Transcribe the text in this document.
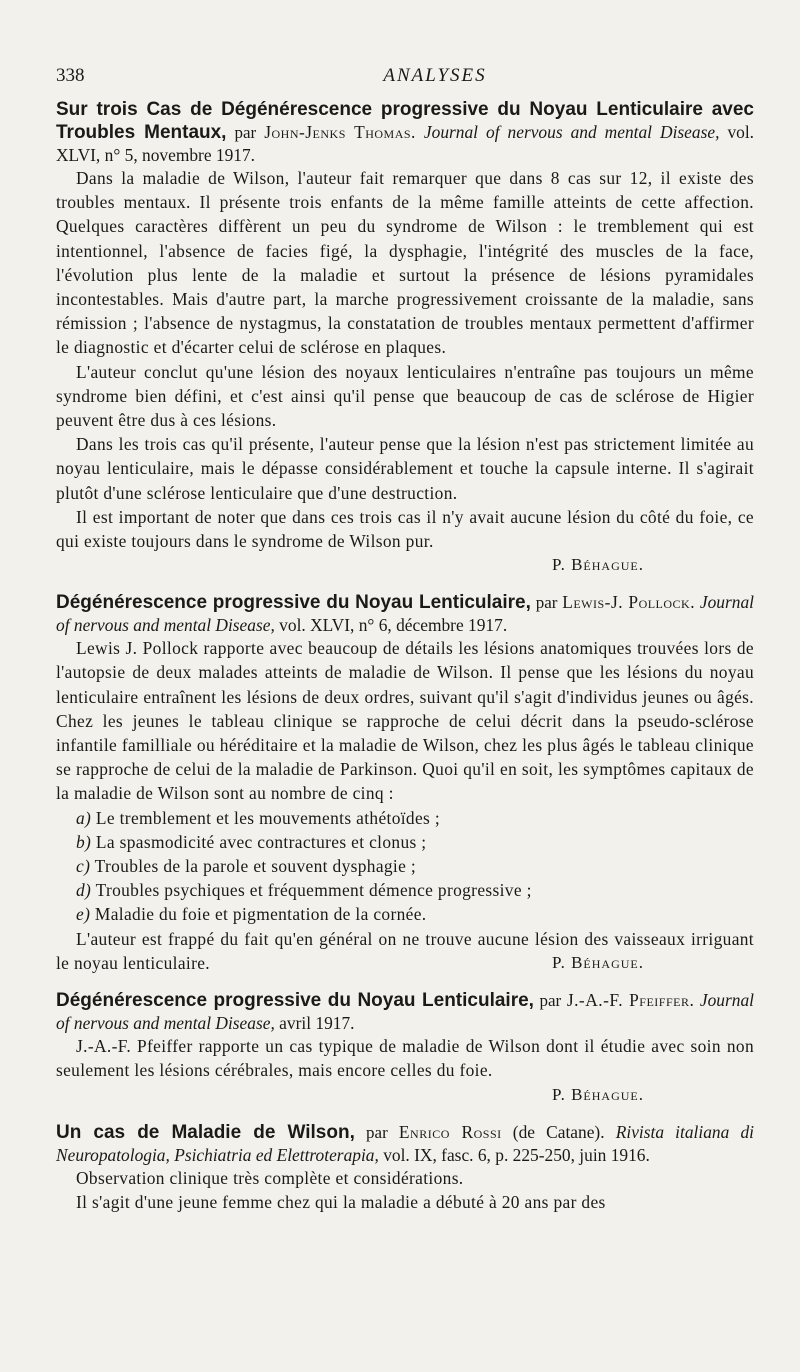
338	ANALYSES

Sur trois Cas de Dégénérescence progressive du Noyau Lenticulaire avec Troubles Mentaux, par John-Jenks Thomas. Journal of nervous and mental Disease, vol. XLVI, n° 5, novembre 1917.

Dans la maladie de Wilson, l'auteur fait remarquer que dans 8 cas sur 12, il existe des troubles mentaux. Il présente trois enfants de la même famille atteints de cette affection. Quelques caractères diffèrent un peu du syndrome de Wilson : le tremblement qui est intentionnel, l'absence de facies figé, la dysphagie, l'intégrité des muscles de la face, l'évolution plus lente de la maladie et surtout la présence de lésions pyramidales incontestables. Mais d'autre part, la marche progressivement croissante de la maladie, sans rémission ; l'absence de nystagmus, la constatation de troubles mentaux permettent d'affirmer le diagnostic et d'écarter celui de sclérose en plaques.

L'auteur conclut qu'une lésion des noyaux lenticulaires n'entraîne pas toujours un même syndrome bien défini, et c'est ainsi qu'il pense que beaucoup de cas de sclérose de Higier peuvent être dus à ces lésions.

Dans les trois cas qu'il présente, l'auteur pense que la lésion n'est pas strictement limitée au noyau lenticulaire, mais le dépasse considérablement et touche la capsule interne. Il s'agirait plutôt d'une sclérose lenticulaire que d'une destruction.

Il est important de noter que dans ces trois cas il n'y avait aucune lésion du côté du foie, ce qui existe toujours dans le syndrome de Wilson pur.

P. Béhague.

Dégénérescence progressive du Noyau Lenticulaire, par Lewis-J. Pollock. Journal of nervous and mental Disease, vol. XLVI, n° 6, décembre 1917.

Lewis J. Pollock rapporte avec beaucoup de détails les lésions anatomiques trouvées lors de l'autopsie de deux malades atteints de maladie de Wilson. Il pense que les lésions du noyau lenticulaire entraînent les lésions de deux ordres, suivant qu'il s'agit d'individus jeunes ou âgés. Chez les jeunes le tableau clinique se rapproche de celui décrit dans la pseudo-sclérose infantile familliale ou héréditaire et la maladie de Wilson, chez les plus âgés le tableau clinique se rapproche de celui de la maladie de Parkinson. Quoi qu'il en soit, les symptômes capitaux de la maladie de Wilson sont au nombre de cinq :

a) Le tremblement et les mouvements athétoïdes ;

b) La spasmodicité avec contractures et clonus ;

c) Troubles de la parole et souvent dysphagie ;

d) Troubles psychiques et fréquemment démence progressive ;

e) Maladie du foie et pigmentation de la cornée.

L'auteur est frappé du fait qu'en général on ne trouve aucune lésion des vaisseaux irriguant le noyau lenticulaire.	P. Béhague.

Dégénérescence progressive du Noyau Lenticulaire, par J.-A.-F. Pfeiffer. Journal of nervous and mental Disease, avril 1917.

J.-A.-F. Pfeiffer rapporte un cas typique de maladie de Wilson dont il étudie avec soin non seulement les lésions cérébrales, mais encore celles du foie.

P. Béhague.

Un cas de Maladie de Wilson, par Enrico Rossi (de Catane). Rivista italiana di Neuropatologia, Psichiatria ed Elettroterapia, vol. IX, fasc. 6, p. 225-250, juin 1916.

Observation clinique très complète et considérations.

Il s'agit d'une jeune femme chez qui la maladie a débuté à 20 ans par des
